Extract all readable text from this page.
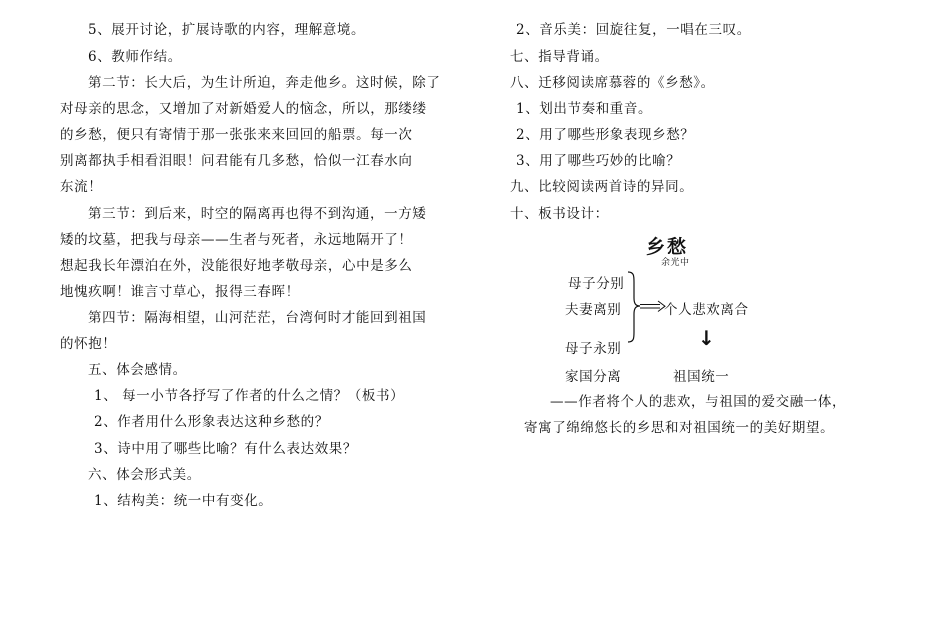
5、展开讨论，扩展诗歌的内容，理解意境。
6、教师作结。
第二节：长大后，为生计所迫，奔走他乡。这时候，除了
对母亲的思念，又增加了对新婚爱人的恼念，所以，那缕缕
的乡愁，便只有寄情于那一张张来来回回的船票。每一次
别离都执手相看泪眼！问君能有几多愁，恰似一江春水向
东流！
第三节：到后来，时空的隔离再也得不到沟通，一方矮
矮的坟墓，把我与母亲——生者与死者，永远地隔开了！
想起我长年漂泊在外，没能很好地孝敬母亲，心中是多么
地愧疚啊！谁言寸草心，报得三春晖！
第四节：隔海相望，山河茫茫，台湾何时才能回到祖国
的怀抱！
五、体会感情。
1、 每一小节各抒写了作者的什么之情？（板书）
2、作者用什么形象表达这种乡愁的？
3、诗中用了哪些比喻？有什么表达效果？
六、体会形式美。
1、结构美：统一中有变化。
2、音乐美：回旋往复，一唱在三叹。
七、指导背诵。
八、迁移阅读席慕蓉的《乡愁》。
1、划出节奏和重音。
2、用了哪些形象表现乡愁？
3、用了哪些巧妙的比喻？
九、比较阅读两首诗的异同。
十、板书设计：
乡愁
余光中
母子分别
夫妻离别
母子永别
家国分离
个人悲欢离合
↓
祖国统一
——作者将个人的悲欢，与祖国的爱交融一体，
寄寓了绵绵悠长的乡思和对祖国统一的美好期望。
